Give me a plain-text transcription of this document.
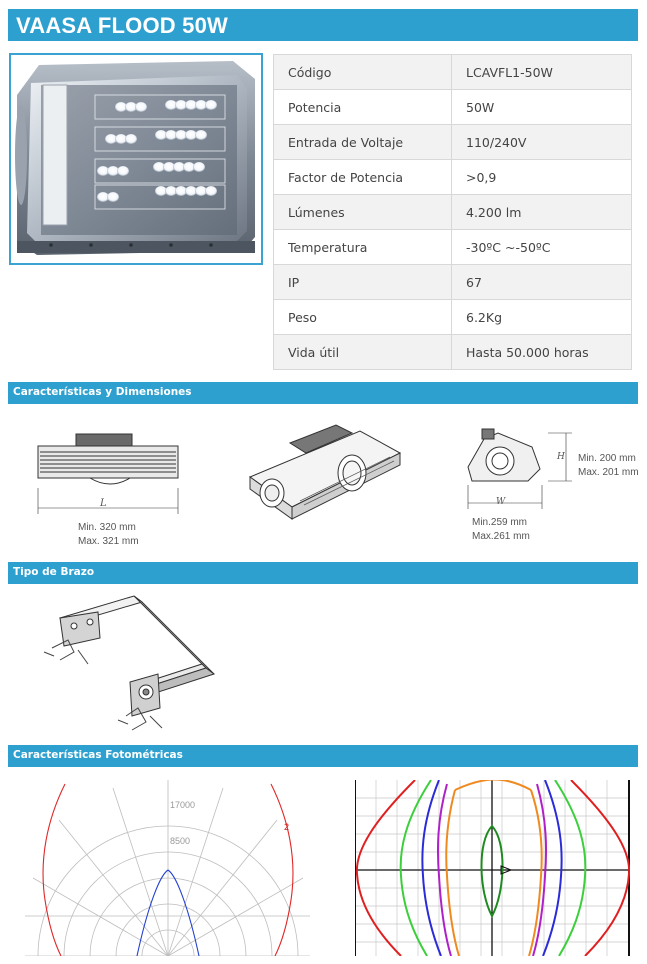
VAASA FLOOD 50W
Código	LCAVFL1-50W
Potencia	50W
Entrada de Voltaje	110/240V
Factor de Potencia	>0,9
Lúmenes	4.200 lm
Temperatura	-30ºC ~-50ºC
IP	67
Peso	6.2Kg
Vida útil	Hasta 50.000 horas
Características y Dimensiones
L
Min. 320 mm
Max. 321 mm
W
H
Min.259 mm
Max.261 mm
Min. 200 mm
Max. 201 mm
Tipo de Brazo
Características Fotométricas
17000
8500
2
